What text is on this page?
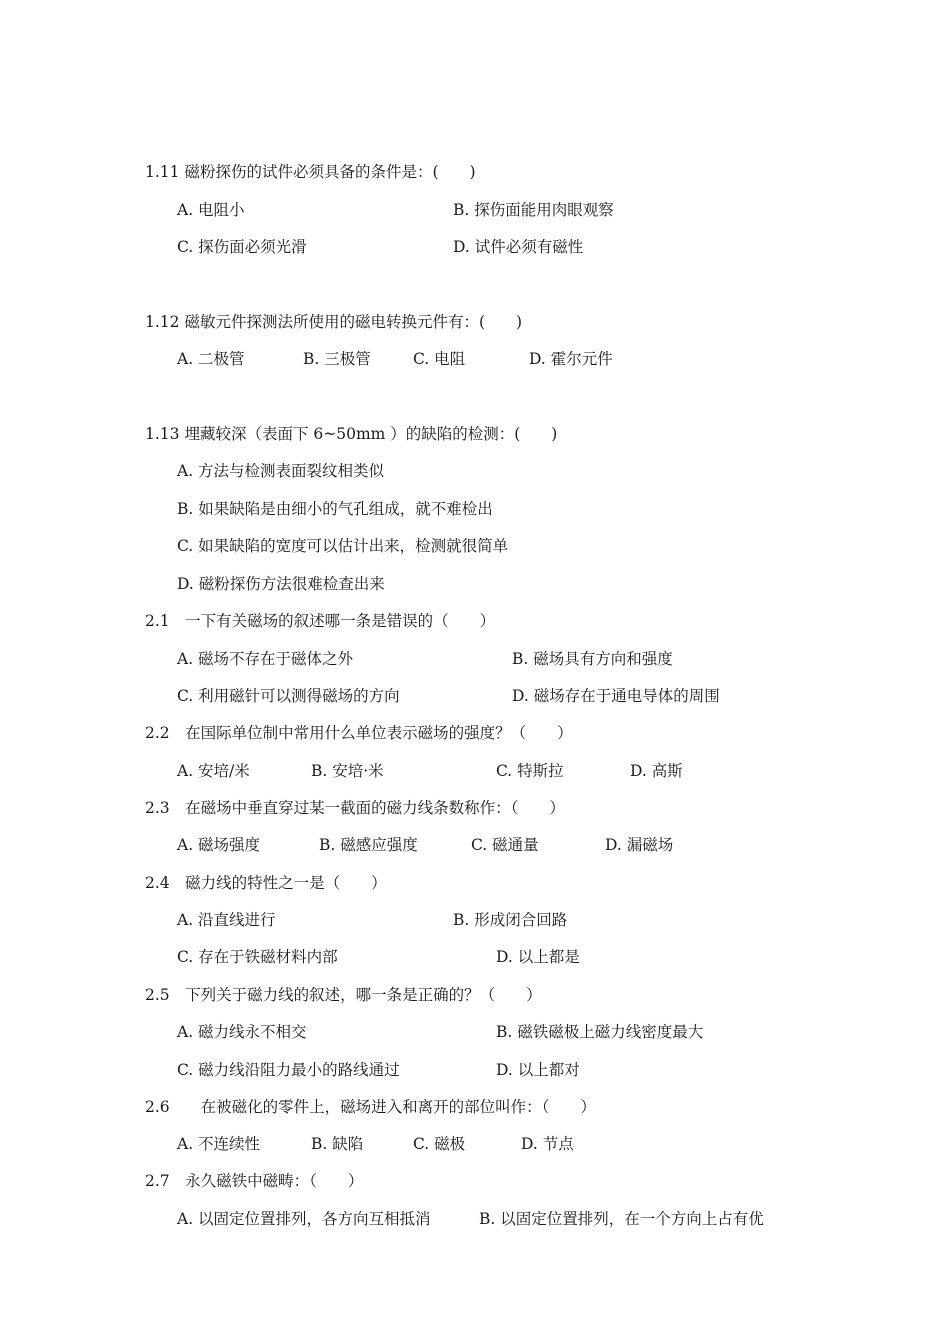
1.11 磁粉探伤的试件必须具备的条件是：(　　)
A. 电阻小	B. 探伤面能用肉眼观察
C. 探伤面必须光滑	D. 试件必须有磁性
1.12 磁敏元件探测法所使用的磁电转换元件有：(　　)
A. 二极管	B. 三极管	C. 电阻	D. 霍尔元件
1.13 埋藏较深（表面下 6~50mm ）的缺陷的检测：(　　)
A. 方法与检测表面裂纹相类似
B. 如果缺陷是由细小的气孔组成，就不难检出
C. 如果缺陷的宽度可以估计出来，检测就很简单
D. 磁粉探伤方法很难检查出来
2.1　一下有关磁场的叙述哪一条是错误的（　　）
A. 磁场不存在于磁体之外	B. 磁场具有方向和强度
C. 利用磁针可以测得磁场的方向	D. 磁场存在于通电导体的周围
2.2　在国际单位制中常用什么单位表示磁场的强度？（　　）
A. 安培/米	B. 安培·米	C. 特斯拉	D. 高斯
2.3　在磁场中垂直穿过某一截面的磁力线条数称作：（　　）
A. 磁场强度	B. 磁感应强度	C. 磁通量	D. 漏磁场
2.4　磁力线的特性之一是（　　）
A. 沿直线进行	B. 形成闭合回路
C. 存在于铁磁材料内部	D. 以上都是
2.5　下列关于磁力线的叙述，哪一条是正确的？（　　）
A. 磁力线永不相交	B. 磁铁磁极上磁力线密度最大
C. 磁力线沿阻力最小的路线通过	D. 以上都对
2.6　　在被磁化的零件上，磁场进入和离开的部位叫作：（　　）
A. 不连续性	B. 缺陷	C. 磁极	D. 节点
2.7　永久磁铁中磁畴：（　　）
A. 以固定位置排列，各方向互相抵消	B. 以固定位置排列，在一个方向上占有优
